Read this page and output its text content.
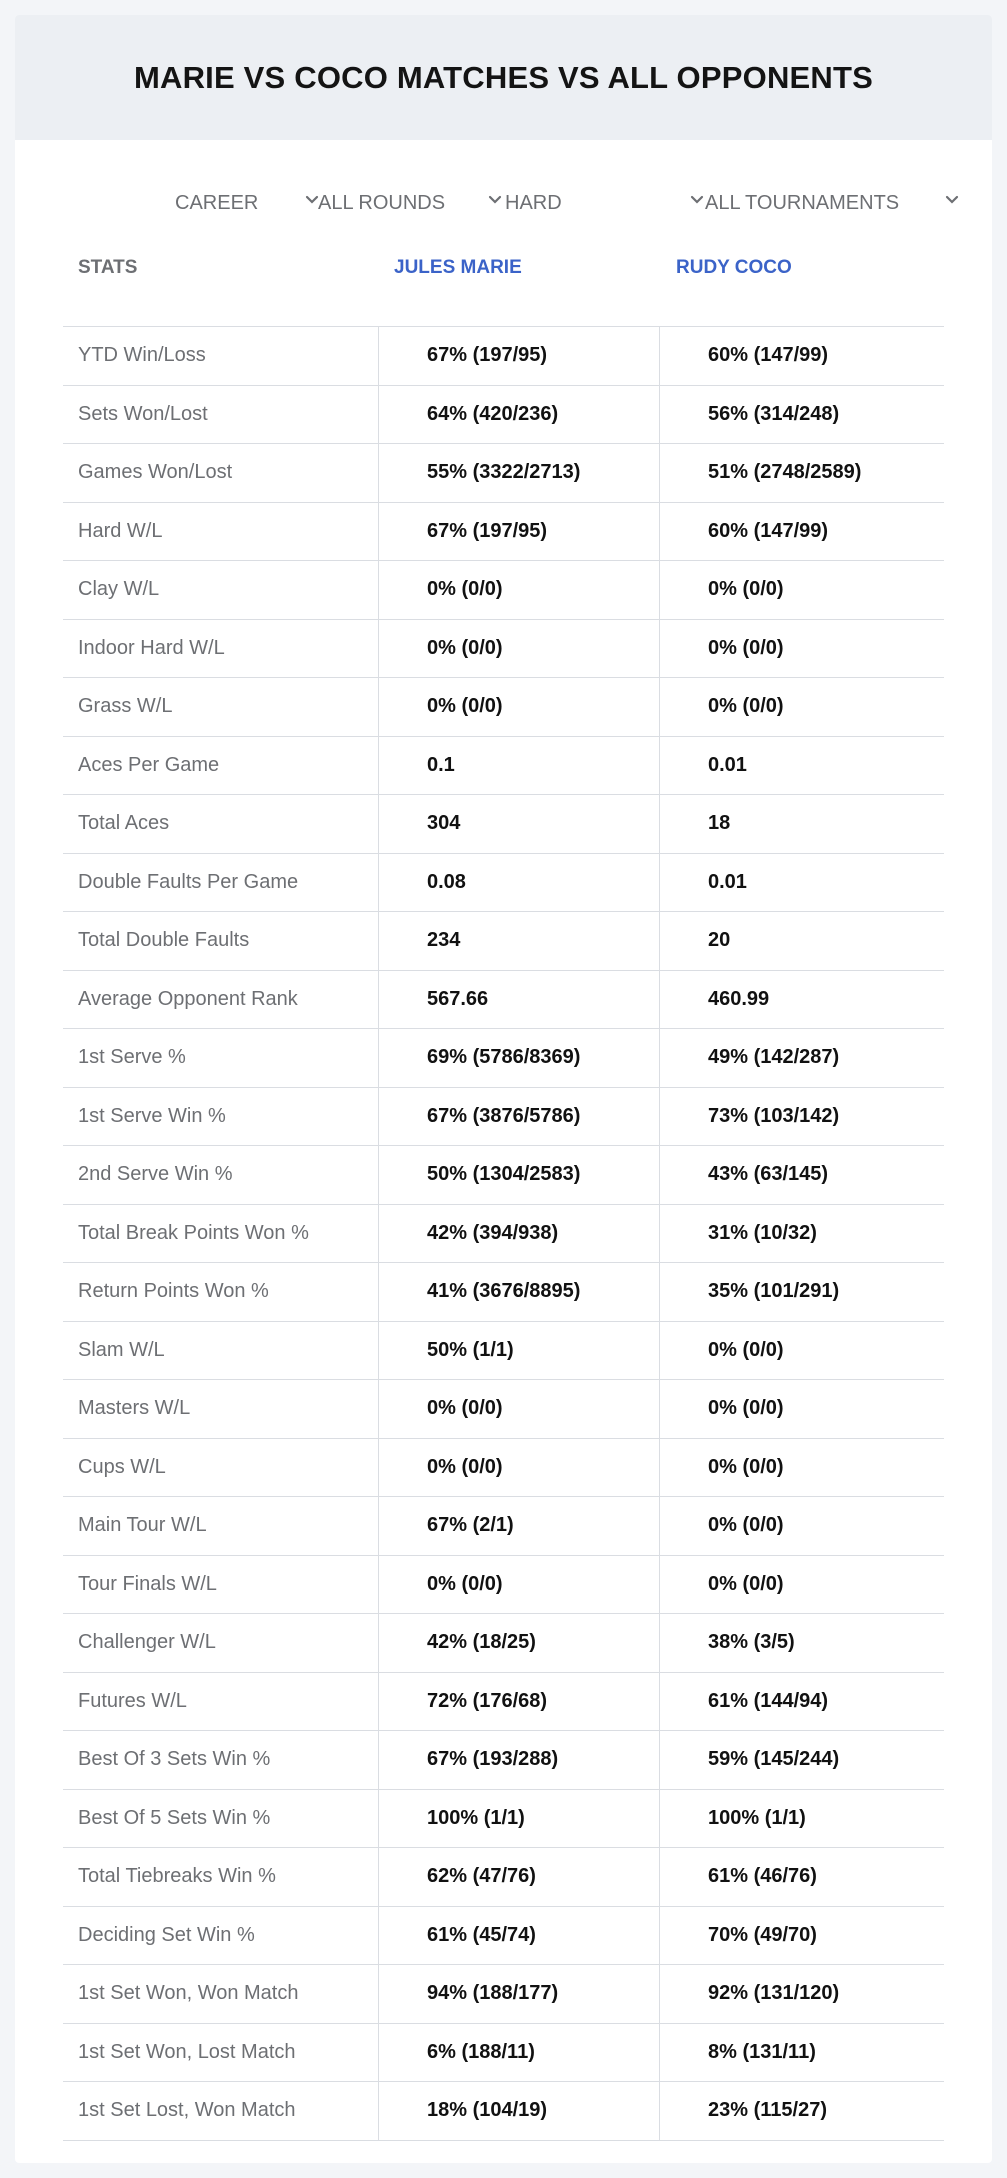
MARIE VS COCO MATCHES VS ALL OPPONENTS
CAREER	ALL ROUNDS	HARD	ALL TOURNAMENTS
STATS	JULES MARIE	RUDY COCO
YTD Win/Loss	67% (197/95)	60% (147/99)
Sets Won/Lost	64% (420/236)	56% (314/248)
Games Won/Lost	55% (3322/2713)	51% (2748/2589)
Hard W/L	67% (197/95)	60% (147/99)
Clay W/L	0% (0/0)	0% (0/0)
Indoor Hard W/L	0% (0/0)	0% (0/0)
Grass W/L	0% (0/0)	0% (0/0)
Aces Per Game	0.1	0.01
Total Aces	304	18
Double Faults Per Game	0.08	0.01
Total Double Faults	234	20
Average Opponent Rank	567.66	460.99
1st Serve %	69% (5786/8369)	49% (142/287)
1st Serve Win %	67% (3876/5786)	73% (103/142)
2nd Serve Win %	50% (1304/2583)	43% (63/145)
Total Break Points Won %	42% (394/938)	31% (10/32)
Return Points Won %	41% (3676/8895)	35% (101/291)
Slam W/L	50% (1/1)	0% (0/0)
Masters W/L	0% (0/0)	0% (0/0)
Cups W/L	0% (0/0)	0% (0/0)
Main Tour W/L	67% (2/1)	0% (0/0)
Tour Finals W/L	0% (0/0)	0% (0/0)
Challenger W/L	42% (18/25)	38% (3/5)
Futures W/L	72% (176/68)	61% (144/94)
Best Of 3 Sets Win %	67% (193/288)	59% (145/244)
Best Of 5 Sets Win %	100% (1/1)	100% (1/1)
Total Tiebreaks Win %	62% (47/76)	61% (46/76)
Deciding Set Win %	61% (45/74)	70% (49/70)
1st Set Won, Won Match	94% (188/177)	92% (131/120)
1st Set Won, Lost Match	6% (188/11)	8% (131/11)
1st Set Lost, Won Match	18% (104/19)	23% (115/27)
